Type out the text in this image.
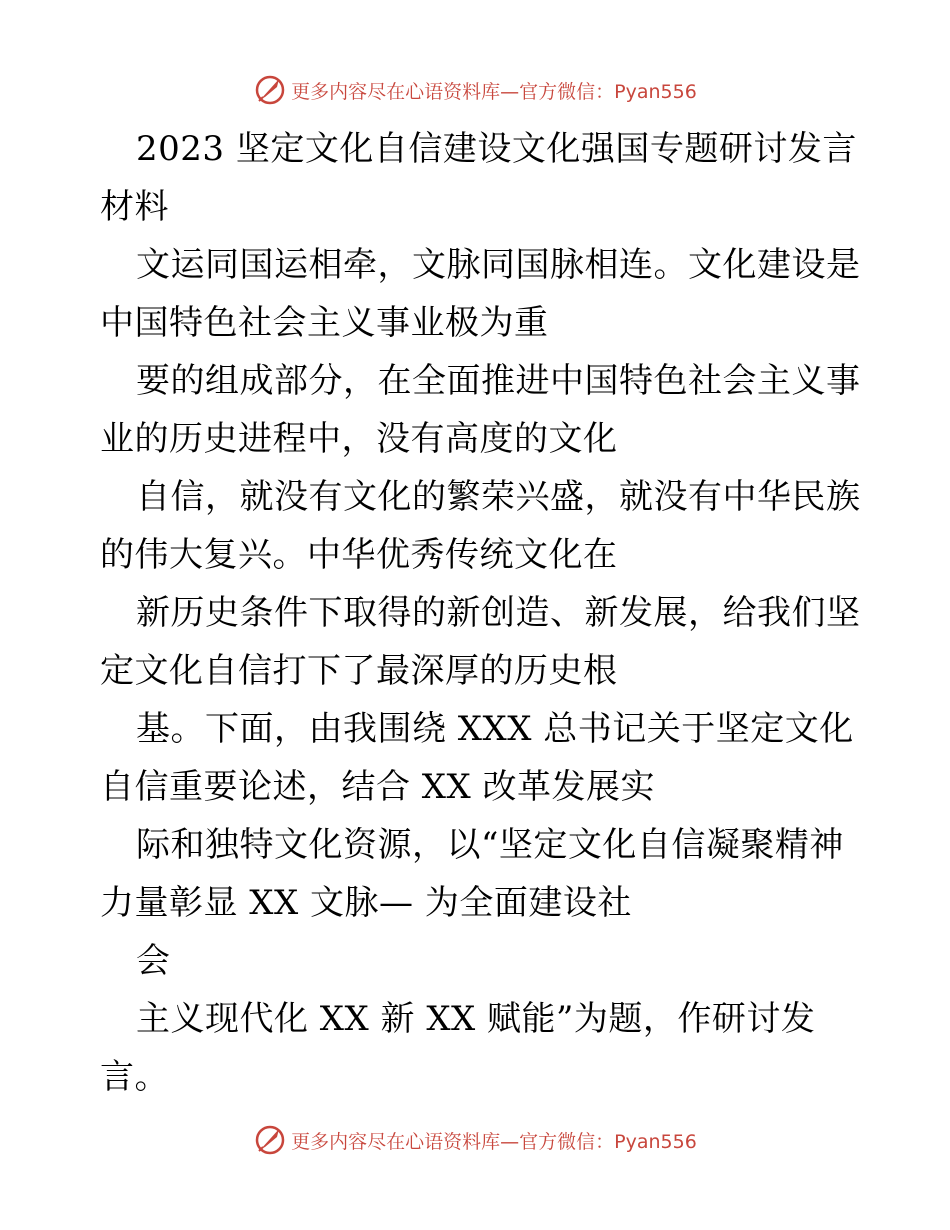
更多内容尽在心语资料库—官方微信：Pyan556
2023 坚定文化自信建设文化强国专题研讨发言
材料
文运同国运相牵，文脉同国脉相连。文化建设是
中国特色社会主义事业极为重
要的组成部分，在全面推进中国特色社会主义事
业的历史进程中，没有高度的文化
自信，就没有文化的繁荣兴盛，就没有中华民族
的伟大复兴。中华优秀传统文化在
新历史条件下取得的新创造、新发展，给我们坚
定文化自信打下了最深厚的历史根
基。下面，由我围绕 XXX 总书记关于坚定文化
自信重要论述，结合 XX 改革发展实
际和独特文化资源，以“坚定文化自信凝聚精神
力量彰显 XX 文脉— 为全面建设社
会
主义现代化 XX 新 XX 赋能”为题，作研讨发
言。
更多内容尽在心语资料库—官方微信：Pyan556
